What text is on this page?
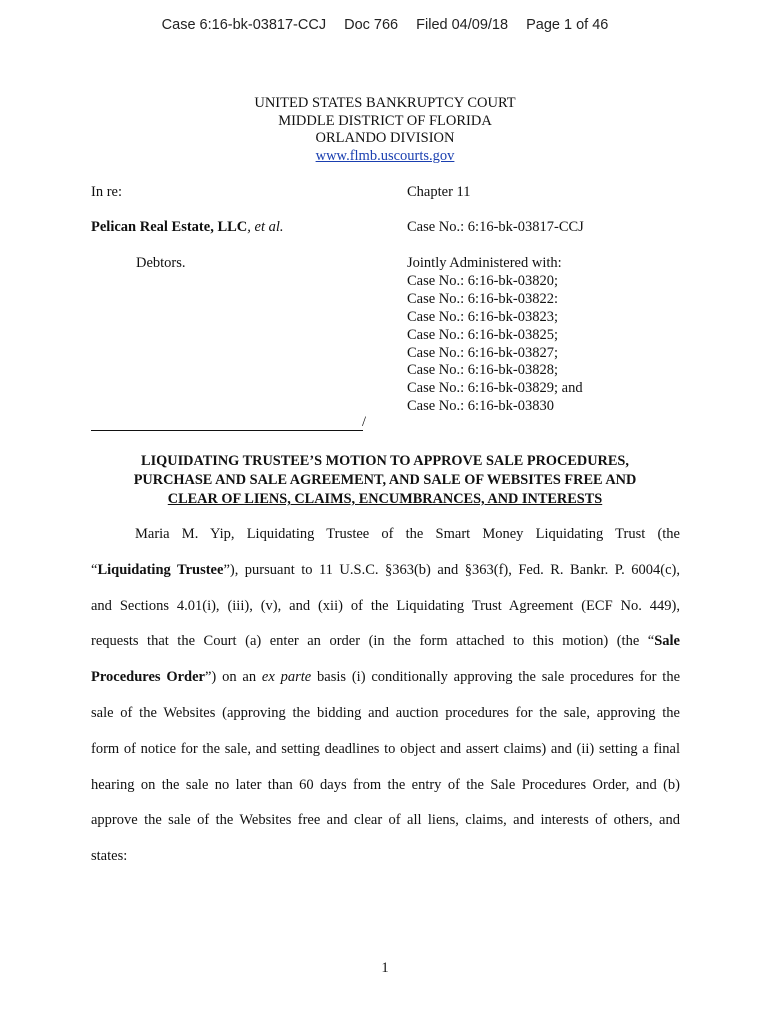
Case 6:16-bk-03817-CCJ Doc 766 Filed 04/09/18 Page 1 of 46
UNITED STATES BANKRUPTCY COURT
MIDDLE DISTRICT OF FLORIDA
ORLANDO DIVISION
www.flmb.uscourts.gov
In re:
Pelican Real Estate, LLC, et al.
Debtors.
Chapter 11
Case No.: 6:16-bk-03817-CCJ
Jointly Administered with:
Case No.: 6:16-bk-03820;
Case No.: 6:16-bk-03822:
Case No.: 6:16-bk-03823;
Case No.: 6:16-bk-03825;
Case No.: 6:16-bk-03827;
Case No.: 6:16-bk-03828;
Case No.: 6:16-bk-03829; and
Case No.: 6:16-bk-03830
/
LIQUIDATING TRUSTEE’S MOTION TO APPROVE SALE PROCEDURES,
PURCHASE AND SALE AGREEMENT, AND SALE OF WEBSITES FREE AND
CLEAR OF LIENS, CLAIMS, ENCUMBRANCES, AND INTERESTS
Maria M. Yip, Liquidating Trustee of the Smart Money Liquidating Trust (the
“Liquidating Trustee”), pursuant to 11 U.S.C. §363(b) and §363(f), Fed. R. Bankr. P. 6004(c),
and Sections 4.01(i), (iii), (v), and (xii) of the Liquidating Trust Agreement (ECF No. 449),
requests that the Court (a) enter an order (in the form attached to this motion) (the “Sale
Procedures Order”) on an ex parte basis (i) conditionally approving the sale procedures for the
sale of the Websites (approving the bidding and auction procedures for the sale, approving the
form of notice for the sale, and setting deadlines to object and assert claims) and (ii) setting a final
hearing on the sale no later than 60 days from the entry of the Sale Procedures Order, and (b)
approve the sale of the Websites free and clear of all liens, claims, and interests of others, and
states:
1
